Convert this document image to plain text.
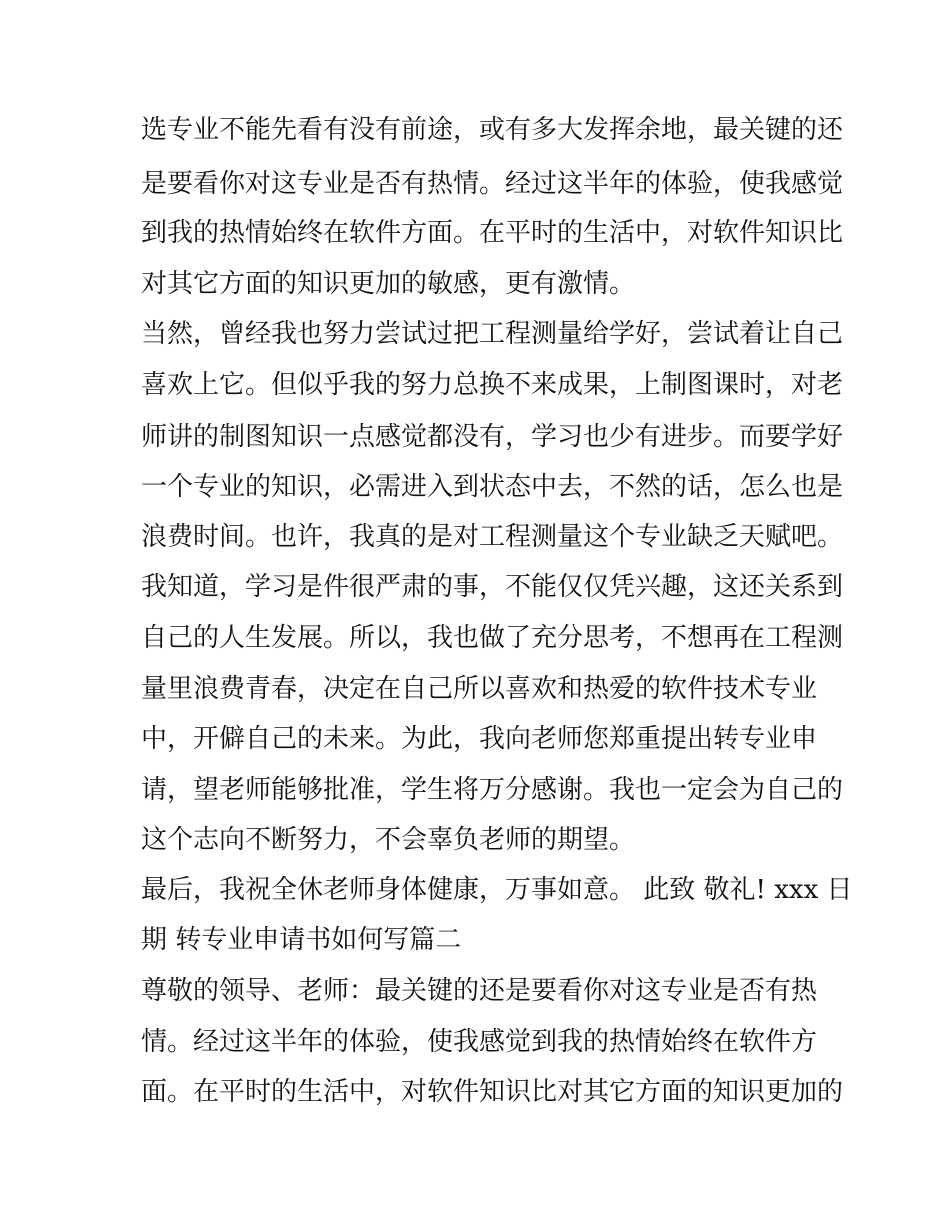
选专业不能先看有没有前途，或有多大发挥余地，最关键的还
是要看你对这专业是否有热情。经过这半年的体验，使我感觉
到我的热情始终在软件方面。在平时的生活中，对软件知识比
对其它方面的知识更加的敏感，更有激情。
当然，曾经我也努力尝试过把工程测量给学好，尝试着让自己
喜欢上它。但似乎我的努力总换不来成果，上制图课时，对老
师讲的制图知识一点感觉都没有，学习也少有进步。而要学好
一个专业的知识，必需进入到状态中去，不然的话，怎么也是
浪费时间。也许，我真的是对工程测量这个专业缺乏天赋吧。
我知道，学习是件很严肃的事，不能仅仅凭兴趣，这还关系到
自己的人生发展。所以，我也做了充分思考，不想再在工程测
量里浪费青春，决定在自己所以喜欢和热爱的软件技术专业
中，开僻自己的未来。为此，我向老师您郑重提出转专业申
请，望老师能够批准，学生将万分感谢。我也一定会为自己的
这个志向不断努力，不会辜负老师的期望。
最后，我祝全休老师身体健康，万事如意。 此致 敬礼! xxx 日
期 转专业申请书如何写篇二
尊敬的领导、老师：最关键的还是要看你对这专业是否有热
情。经过这半年的体验，使我感觉到我的热情始终在软件方
面。在平时的生活中，对软件知识比对其它方面的知识更加的
